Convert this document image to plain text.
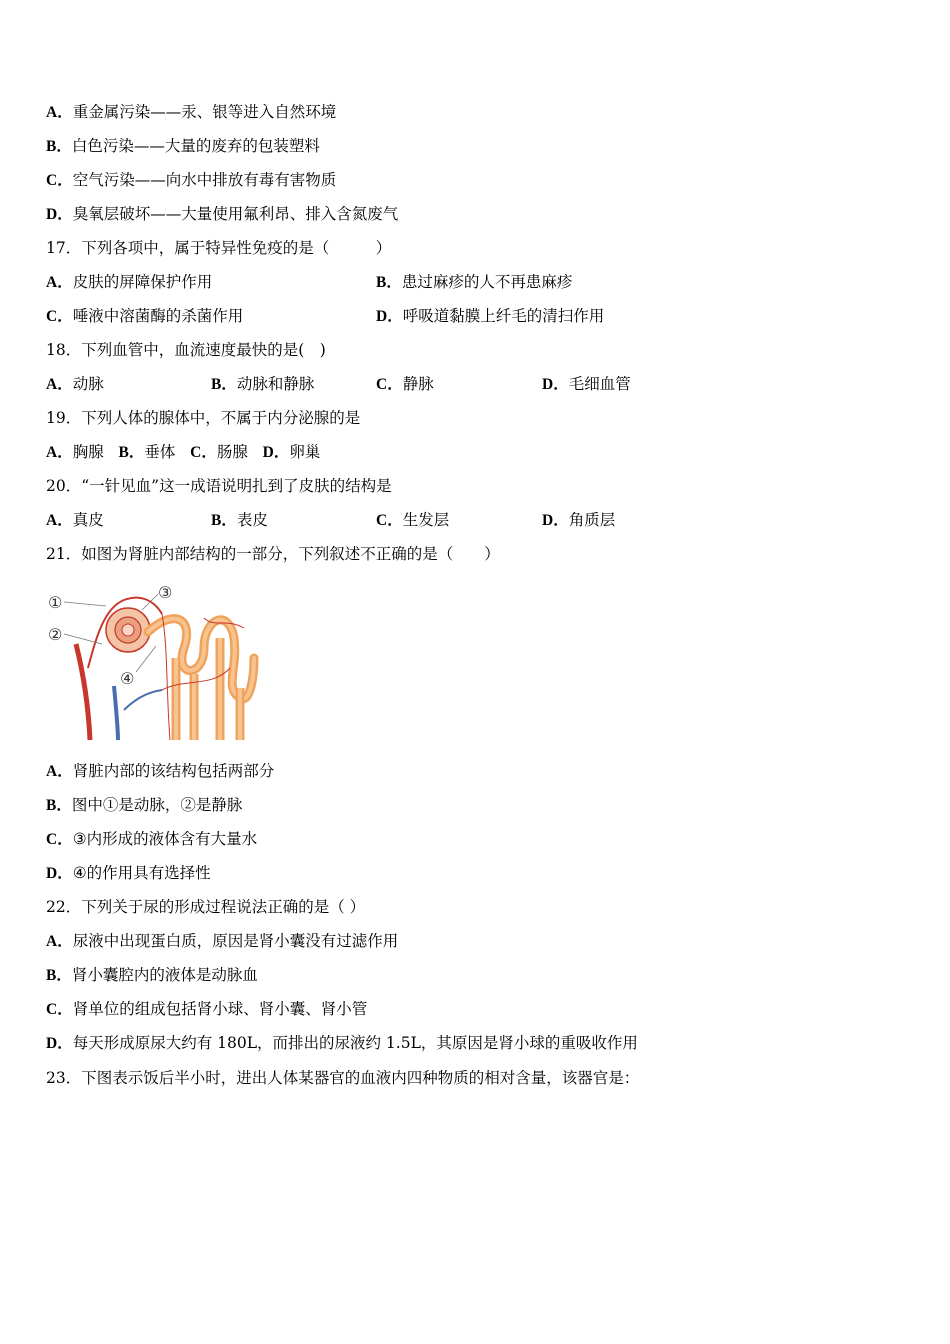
A．重金属污染——汞、银等进入自然环境
B．白色污染——大量的废弃的包装塑料
C．空气污染——向水中排放有毒有害物质
D．臭氧层破坏——大量使用氟利昂、排入含氮废气
17．下列各项中，属于特异性免疫的是（　　　）
A．皮肤的屏障保护作用	B．患过麻疹的人不再患麻疹
C．唾液中溶菌酶的杀菌作用	D．呼吸道黏膜上纤毛的清扫作用
18．下列血管中，血流速度最快的是(　)
A．动脉	B．动脉和静脉	C．静脉	D．毛细血管
19．下列人体的腺体中，不属于内分泌腺的是
A．胸腺 B．垂体 C．肠腺 D．卵巢
20．“一针见血”这一成语说明扎到了皮肤的结构是
A．真皮	B．表皮	C．生发层	D．角质层
21．如图为肾脏内部结构的一部分，下列叙述不正确的是（　　）
①
②
③
④
A．肾脏内部的该结构包括两部分
B．图中①是动脉，②是静脉
C．③内形成的液体含有大量水
D．④的作用具有选择性
22．下列关于尿的形成过程说法正确的是（ ）
A．尿液中出现蛋白质，原因是肾小囊没有过滤作用
B．肾小囊腔内的液体是动脉血
C．肾单位的组成包括肾小球、肾小囊、肾小管
D．每天形成原尿大约有 180L，而排出的尿液约 1.5L，其原因是肾小球的重吸收作用
23．下图表示饭后半小时，进出人体某器官的血液内四种物质的相对含量，该器官是：
